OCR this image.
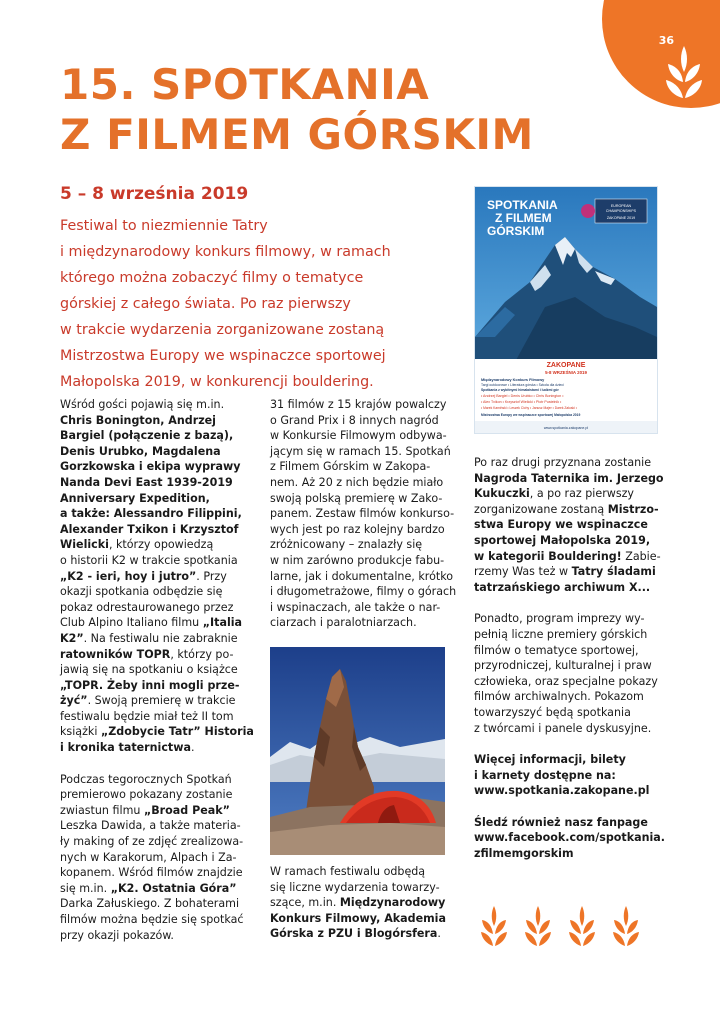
36
15. SPOTKANIA
Z FILMEM GÓRSKIM
5 – 8 września 2019

Festiwal to niezmiennie Tatry
i międzynarodowy konkurs filmowy, w ramach
którego można zobaczyć filmy o tematyce
górskiej z całego świata. Po raz pierwszy
w trakcie wydarzenia zorganizowane zostaną
Mistrzostwa Europy we wspinaczce sportowej
Małopolska 2019, w konkurencji bouldering.

SPOTKANIA
Z FILMEM
GÓRSKIM
EUROPEAN
CHAMPIONSHIPS
ZAKOPANE 2019
ZAKOPANE
5-8 WRZEŚNIA 2019
Międzynarodowy Konkurs Filmowy
Targi outdoorowe • Literatura górska • Szkoła dla dzieci
Spotkania z wybitnymi himalaistami i ludźmi gór
• Andrzej Bargiel • Denis Urubko • Chris Bonington •
• Alex Txikon • Krzysztof Wielicki • Piotr Pustelnik •
• Marek Kamiński • Leszek Cichy • Janusz Majer • Darek Załuski •
Mistrzostwa Europy we wspinaczce sportowej Małopolska 2019
www.spotkania.zakopane.pl

Wśród gości pojawią się m.in.
Chris Bonington, Andrzej
Bargiel (połączenie z bazą),
Denis Urubko, Magdalena
Gorzkowska i ekipa wyprawy
Nanda Devi East 1939-2019
Anniversary Expedition,
a także: Alessandro Filippini,
Alexander Txikon i Krzysztof
Wielicki, którzy opowiedzą
o historii K2 w trakcie spotkania
„K2 - ieri, hoy i jutro”. Przy
okazji spotkania odbędzie się
pokaz odrestaurowanego przez
Club Alpino Italiano filmu „Italia
K2”. Na festiwalu nie zabraknie
ratowników TOPR, którzy po-
jawią się na spotkaniu o książce
„TOPR. Żeby inni mogli prze-
żyć”. Swoją premierę w trakcie
festiwalu będzie miał też II tom
książki „Zdobycie Tatr” Historia
i kronika taternictwa.

Podczas tegorocznych Spotkań
premierowo pokazany zostanie
zwiastun filmu „Broad Peak”
Leszka Dawida, a także materia-
ły making of ze zdjęć zrealizowa-
nych w Karakorum, Alpach i Za-
kopanem. Wśród filmów znajdzie
się m.in. „K2. Ostatnia Góra”
Darka Załuskiego. Z bohaterami
filmów można będzie się spotkać
przy okazji pokazów.

31 filmów z 15 krajów powalczy
o Grand Prix i 8 innych nagród
w Konkursie Filmowym odbywa-
jącym się w ramach 15. Spotkań
z Filmem Górskim w Zakopa-
nem. Aż 20 z nich będzie miało
swoją polską premierę w Zako-
panem. Zestaw filmów konkurso-
wych jest po raz kolejny bardzo
zróżnicowany – znalazły się
w nim zarówno produkcje fabu-
larne, jak i dokumentalne, krótko
i długometrażowe, filmy o górach
i wspinaczach, ale także o nar-
ciarzach i paralotniarzach.

W ramach festiwalu odbędą
się liczne wydarzenia towarzy-
szące, m.in. Międzynarodowy
Konkurs Filmowy, Akademia
Górska z PZU i Blogórsfera.

Po raz drugi przyznana zostanie
Nagroda Taternika im. Jerzego
Kukuczki, a po raz pierwszy
zorganizowane zostaną Mistrzo-
stwa Europy we wspinaczce
sportowej Małopolska 2019,
w kategorii Bouldering! Zabie-
rzemy Was też w Tatry śladami
tatrzańskiego archiwum X...

Ponadto, program imprezy wy-
pełnią liczne premiery górskich
filmów o tematyce sportowej,
przyrodniczej, kulturalnej i praw
człowieka, oraz specjalne pokazy
filmów archiwalnych. Pokazom
towarzyszyć będą spotkania
z twórcami i panele dyskusyjne.

Więcej informacji, bilety
i karnety dostępne na:
www.spotkania.zakopane.pl

Śledź również nasz fanpage
www.facebook.com/spotkania.
zfilmemgorskim
